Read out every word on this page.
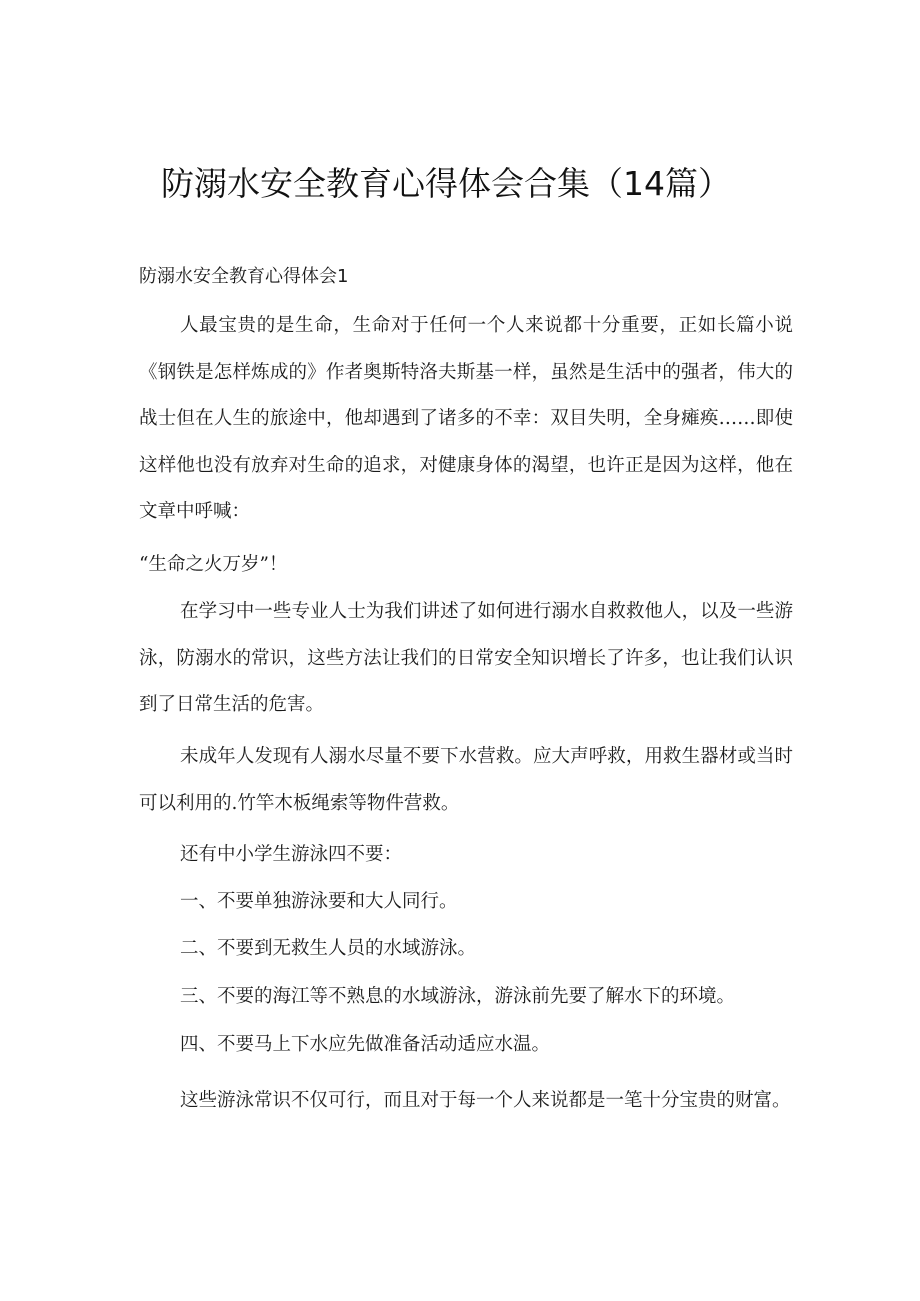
防溺水安全教育心得体会合集（14篇）
防溺水安全教育心得体会1

人最宝贵的是生命，生命对于任何一个人来说都十分重要，正如长篇小说《钢铁是怎样炼成的》作者奥斯特洛夫斯基一样，虽然是生活中的强者，伟大的战士但在人生的旅途中，他却遇到了诸多的不幸：双目失明，全身瘫痪……即使这样他也没有放弃对生命的追求，对健康身体的渴望，也许正是因为这样，他在文章中呼喊：

“生命之火万岁”！

在学习中一些专业人士为我们讲述了如何进行溺水自救救他人，以及一些游泳，防溺水的常识，这些方法让我们的日常安全知识增长了许多，也让我们认识到了日常生活的危害。

未成年人发现有人溺水尽量不要下水营救。应大声呼救，用救生器材或当时可以利用的.竹竿木板绳索等物件营救。

还有中小学生游泳四不要：

一、不要单独游泳要和大人同行。

二、不要到无救生人员的水域游泳。

三、不要的海江等不熟息的水域游泳，游泳前先要了解水下的环境。

四、不要马上下水应先做准备活动适应水温。

这些游泳常识不仅可行，而且对于每一个人来说都是一笔十分宝贵的财富。
